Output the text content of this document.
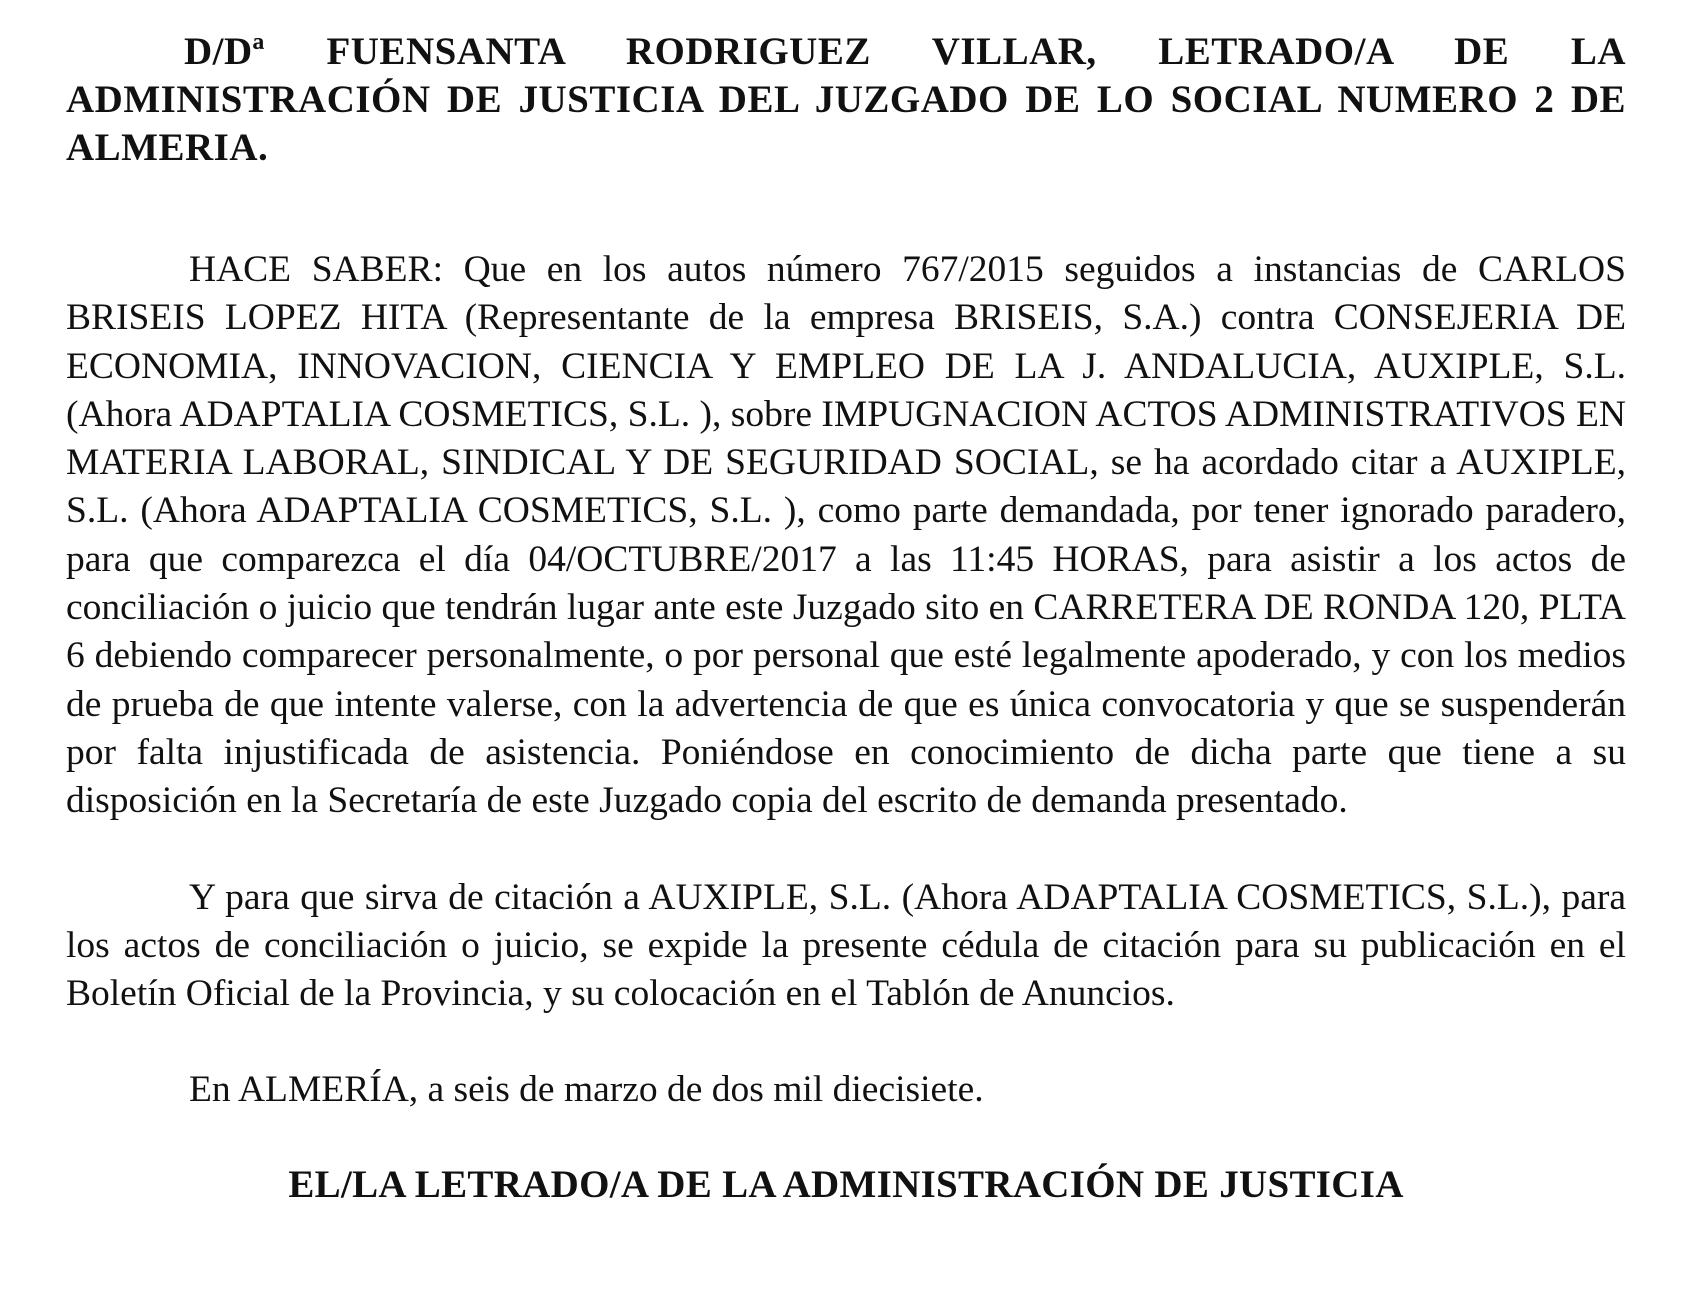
D/Dª FUENSANTA RODRIGUEZ VILLAR, LETRADO/A DE LA ADMINISTRACIÓN DE JUSTICIA DEL JUZGADO DE LO SOCIAL NUMERO 2 DE ALMERIA.

HACE SABER: Que en los autos número 767/2015 seguidos a instancias de CARLOS BRISEIS LOPEZ HITA (Representante de la empresa BRISEIS, S.A.) contra CONSEJERIA DE ECONOMIA, INNOVACION, CIENCIA Y EMPLEO DE LA J. ANDALUCIA, AUXIPLE, S.L. (Ahora ADAPTALIA COSMETICS, S.L. ), sobre IMPUGNACION ACTOS ADMINISTRATIVOS EN MATERIA LABORAL, SINDICAL Y DE SEGURIDAD SOCIAL, se ha acordado citar a AUXIPLE, S.L. (Ahora ADAPTALIA COSMETICS, S.L. ), como parte demandada, por tener ignorado paradero, para que comparezca el día 04/OCTUBRE/2017 a las 11:45 HORAS, para asistir a los actos de conciliación o juicio que tendrán lugar ante este Juzgado sito en CARRETERA DE RONDA 120, PLTA 6 debiendo comparecer personalmente, o por personal que esté legalmente apoderado, y con los medios de prueba de que intente valerse, con la advertencia de que es única convocatoria y que se suspenderán por falta injustificada de asistencia. Poniéndose en conocimiento de dicha parte que tiene a su disposición en la Secretaría de este Juzgado copia del escrito de demanda presentado.

Y para que sirva de citación a AUXIPLE, S.L. (Ahora ADAPTALIA COSMETICS, S.L.), para los actos de conciliación o juicio, se expide la presente cédula de citación para su publicación en el Boletín Oficial de la Provincia, y su colocación en el Tablón de Anuncios.

En ALMERÍA, a seis de marzo de dos mil diecisiete.

EL/LA LETRADO/A DE LA ADMINISTRACIÓN DE JUSTICIA
